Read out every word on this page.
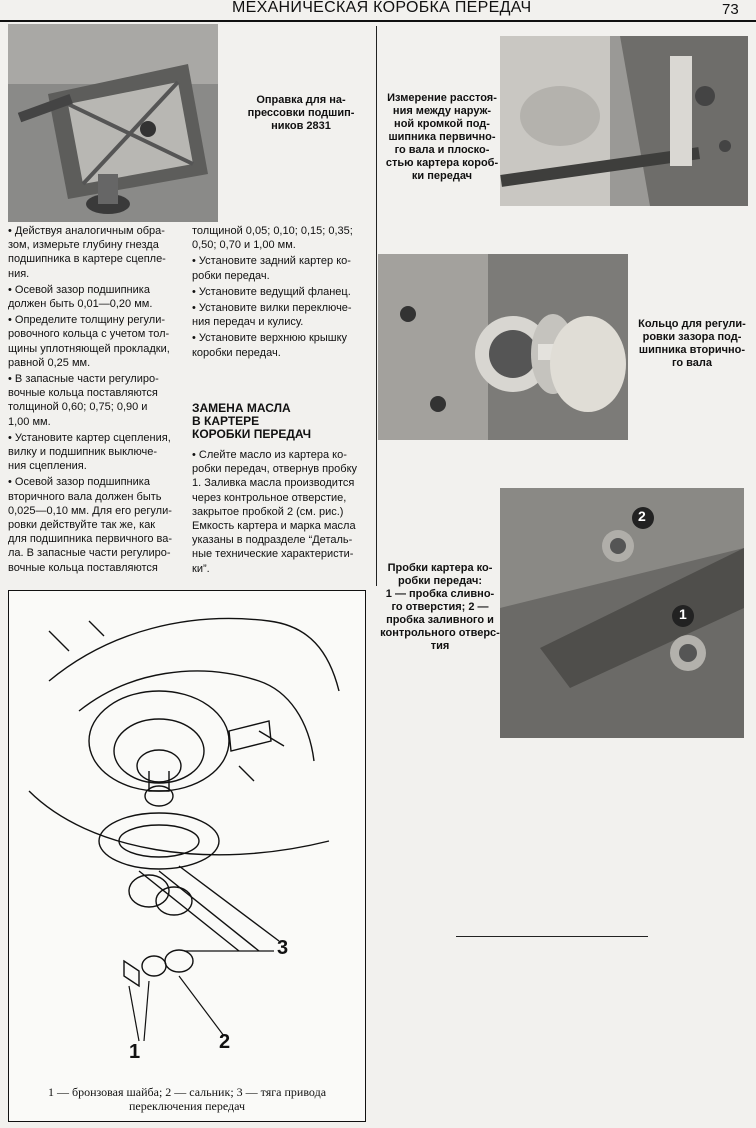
МЕХАНИЧЕСКАЯ КОРОБКА ПЕРЕДАЧ	73
Оправка для на-
прессовки подшип-
ников 2831

• Действуя аналогичным обра-
зом, измерьте глубину гнезда
подшипника в картере сцепле-
ния.

• Осевой зазор подшипника
должен быть 0,01—0,20 мм.

• Определите толщину регули-
ровочного кольца с учетом тол-
щины уплотняющей прокладки,
равной 0,25 мм.

• В запасные части регулиро-
вочные кольца поставляются
толщиной 0,60; 0,75; 0,90 и
1,00 мм.

• Установите картер сцепления,
вилку и подшипник выключе-
ния сцепления.

• Осевой зазор подшипника
вторичного вала должен быть
0,025—0,10 мм. Для его регули-
ровки действуйте так же, как
для подшипника первичного ва-
ла. В запасные части регулиро-
вочные кольца поставляются

толщиной 0,05; 0,10; 0,15; 0,35;
0,50; 0,70 и 1,00 мм.

• Установите задний картер ко-
робки передач.

• Установите ведущий фланец.

• Установите вилки переключе-
ния передач и кулису.

• Установите верхнюю крышку
коробки передач.

ЗАМЕНА МАСЛА
В КАРТЕРЕ
КОРОБКИ ПЕРЕДАЧ

• Слейте масло из картера ко-
робки передач, отвернув пробку
1. Заливка масла производится
через контрольное отверстие,
закрытое пробкой 2 (см. рис.)
Емкость картера и марка масла
указаны в подразделе “Деталь-
ные технические характеристи-
ки”.

Измерение расстоя-
ния между наруж-
ной кромкой под-
шипника первично-
го вала и плоско-
стью картера короб-
ки передач
Кольцо для регули-
ровки зазора под-
шипника вторично-
го вала
Пробки картера ко-
робки передач:
1 — пробка сливно-
го отверстия; 2 —
пробка заливного и
контрольного отверс-
тия
2
1
3
2
1
1 — бронзовая шайба; 2 — сальник; 3 — тяга привода
переключения передач
